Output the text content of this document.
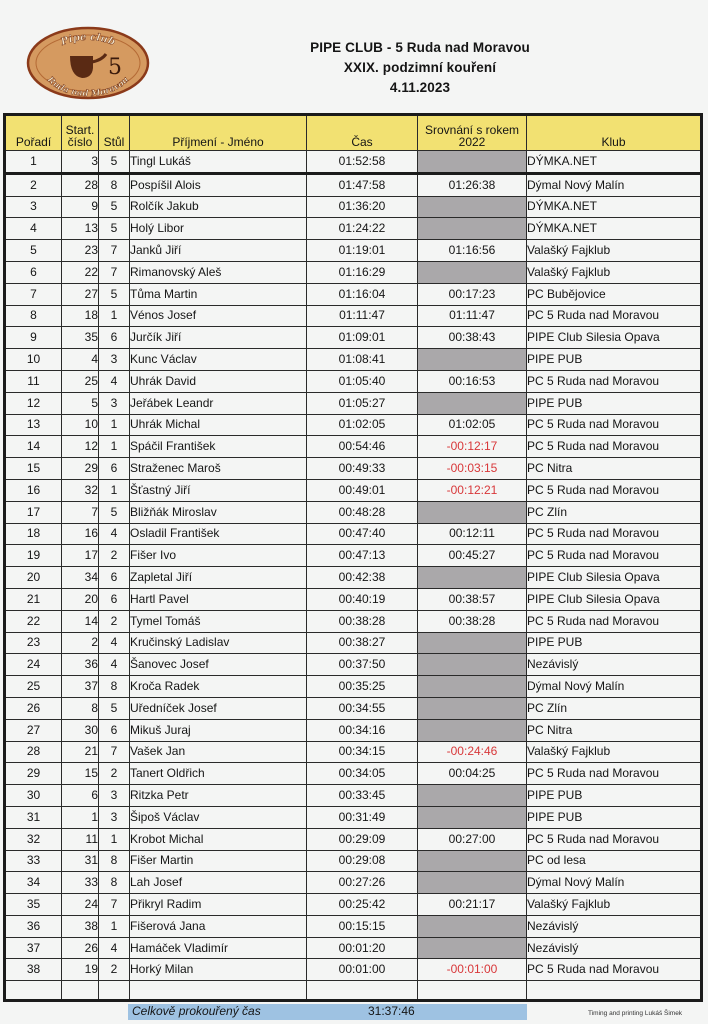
Pipe club
Ruda nad Moravou
5
PIPE CLUB - 5 Ruda nad Moravou
XXIX. podzimní kouření
4.11.2023
Pořadí	Start. číslo	Stůl	Příjmení - Jméno	Čas	Srovnání s rokem 2022	Klub
1	3	5	Tingl Lukáš	01:52:58		DÝMKA.NET
2	28	8	Pospíšil Alois	01:47:58	01:26:38	Dýmal Nový Malín
3	9	5	Rolčík Jakub	01:36:20		DÝMKA.NET
4	13	5	Holý Libor	01:24:22		DÝMKA.NET
5	23	7	Janků Jiří	01:19:01	01:16:56	Valašký Fajklub
6	22	7	Rimanovský Aleš	01:16:29		Valašký Fajklub
7	27	5	Tůma Martin	01:16:04	00:17:23	PC Bubějovice
8	18	1	Vénos Josef	01:11:47	01:11:47	PC 5 Ruda nad Moravou
9	35	6	Jurčík Jiří	01:09:01	00:38:43	PIPE Club Silesia Opava
10	4	3	Kunc Václav	01:08:41		PIPE PUB
11	25	4	Uhrák David	01:05:40	00:16:53	PC 5 Ruda nad Moravou
12	5	3	Jeřábek Leandr	01:05:27		PIPE PUB
13	10	1	Uhrák Michal	01:02:05	01:02:05	PC 5 Ruda nad Moravou
14	12	1	Spáčil František	00:54:46	-00:12:17	PC 5 Ruda nad Moravou
15	29	6	Straženec Maroš	00:49:33	-00:03:15	PC Nitra
16	32	1	Šťastný Jiří	00:49:01	-00:12:21	PC 5 Ruda nad Moravou
17	7	5	Bližňák Miroslav	00:48:28		PC Zlín
18	16	4	Osladil František	00:47:40	00:12:11	PC 5 Ruda nad Moravou
19	17	2	Fišer Ivo	00:47:13	00:45:27	PC 5 Ruda nad Moravou
20	34	6	Zapletal Jiří	00:42:38		PIPE Club Silesia Opava
21	20	6	Hartl Pavel	00:40:19	00:38:57	PIPE Club Silesia Opava
22	14	2	Tymel Tomáš	00:38:28	00:38:28	PC 5 Ruda nad Moravou
23	2	4	Kručinský Ladislav	00:38:27		PIPE PUB
24	36	4	Šanovec Josef	00:37:50		Nezávislý
25	37	8	Kroča Radek	00:35:25		Dýmal Nový Malín
26	8	5	Uředníček Josef	00:34:55		PC Zlín
27	30	6	Mikuš Juraj	00:34:16		PC Nitra
28	21	7	Vašek Jan	00:34:15	-00:24:46	Valašký Fajklub
29	15	2	Tanert Oldřich	00:34:05	00:04:25	PC 5 Ruda nad Moravou
30	6	3	Ritzka Petr	00:33:45		PIPE PUB
31	1	3	Šipoš Václav	00:31:49		PIPE PUB
32	11	1	Krobot Michal	00:29:09	00:27:00	PC 5 Ruda nad Moravou
33	31	8	Fišer Martin	00:29:08		PC od lesa
34	33	8	Lah Josef	00:27:26		Dýmal Nový Malín
35	24	7	Přikryl Radim	00:25:42	00:21:17	Valašký Fajklub
36	38	1	Fišerová Jana	00:15:15		Nezávislý
37	26	4	Hamáček Vladimír	00:01:20		Nezávislý
38	19	2	Horký Milan	00:01:00	-00:01:00	PC 5 Ruda nad Moravou

Celkově prokouřený čas	31:37:46	Timing and printing Lukáš Šimek
